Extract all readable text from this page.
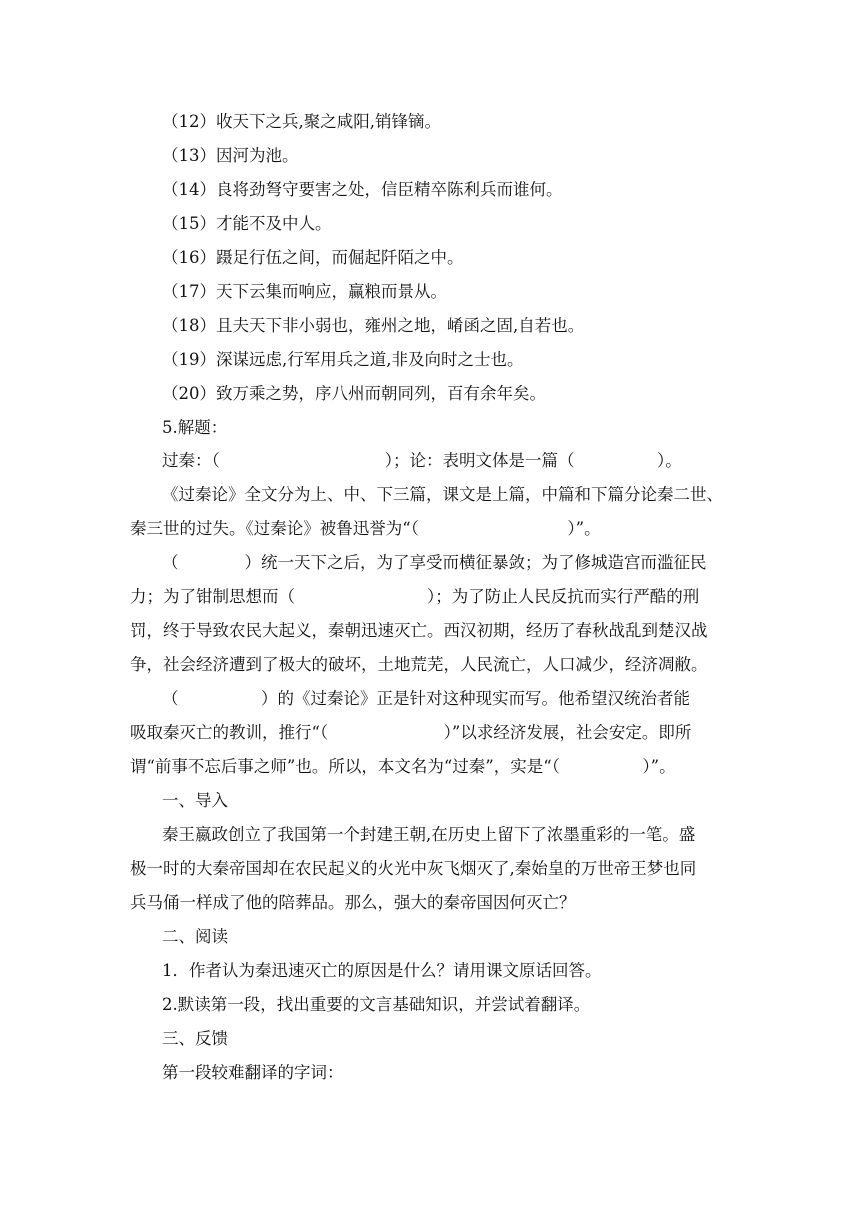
（12）收天下之兵,聚之咸阳,销锋镝。
（13）因河为池。
（14）良将劲弩守要害之处，信臣精卒陈利兵而谁何。
（15）才能不及中人。
（16）蹑足行伍之间，而倔起阡陌之中。
（17）天下云集而响应，赢粮而景从。
（18）且夫天下非小弱也，雍州之地，崤函之固,自若也。
（19）深谋远虑,行军用兵之道,非及向时之士也。
（20）致万乘之势，序八州而朝同列，百有余年矣。
5.解题：
过秦：（　　　　　　　　　　）；论：表明文体是一篇（　　　　　）。
《过秦论》全文分为上、中、下三篇，课文是上篇，中篇和下篇分论秦二世、
秦三世的过失。《过秦论》被鲁迅誉为“（　　　　　　　　　）”。
（　　　　）统一天下之后，为了享受而横征暴敛；为了修城造宫而滥征民
力；为了钳制思想而（　　　　　　　　）；为了防止人民反抗而实行严酷的刑
罚，终于导致农民大起义，秦朝迅速灭亡。西汉初期，经历了春秋战乱到楚汉战
争，社会经济遭到了极大的破坏，土地荒芜，人民流亡，人口减少，经济凋敝。
（　　　　　）的《过秦论》正是针对这种现实而写。他希望汉统治者能
吸取秦灭亡的教训，推行“（　　　　　　　）”以求经济发展，社会安定。即所
谓“前事不忘后事之师”也。所以，本文名为“过秦”，实是“（　　　　　）”。
一、导入
秦王嬴政创立了我国第一个封建王朝,在历史上留下了浓墨重彩的一笔。盛
极一时的大秦帝国却在农民起义的火光中灰飞烟灭了,秦始皇的万世帝王梦也同
兵马俑一样成了他的陪葬品。那么，强大的秦帝国因何灭亡？
二、阅读
1．作者认为秦迅速灭亡的原因是什么？请用课文原话回答。
2.默读第一段，找出重要的文言基础知识，并尝试着翻译。
三、反馈
第一段较难翻译的字词：
